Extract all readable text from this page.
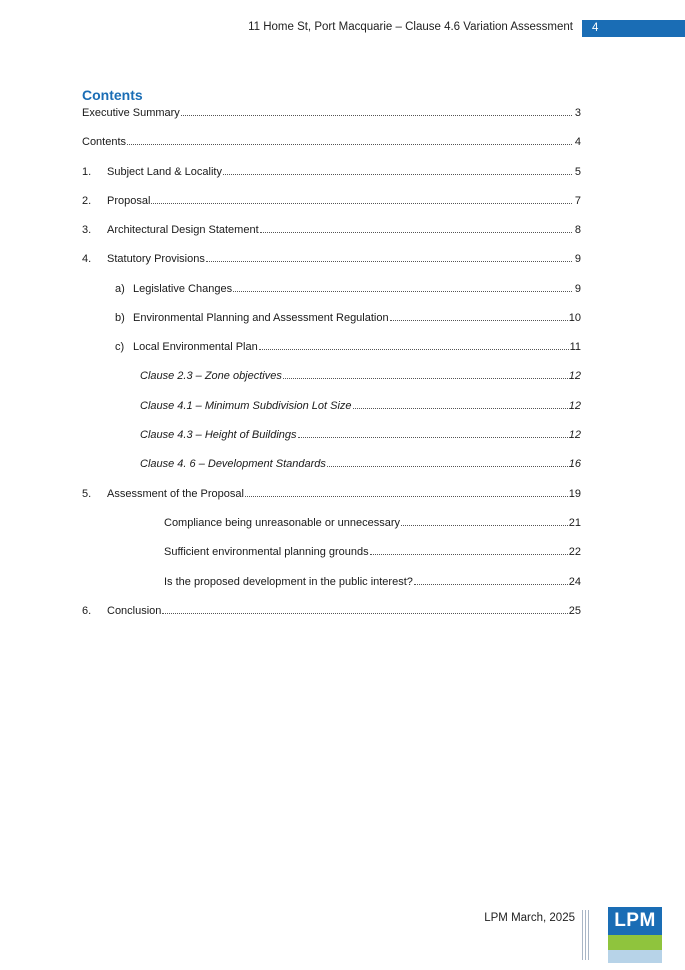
11 Home St, Port Macquarie – Clause 4.6 Variation Assessment	4
Contents
Executive Summary	3
Contents	4
1.	Subject Land & Locality	5
2.	Proposal	7
3.	Architectural Design Statement	8
4.	Statutory Provisions	9
a) Legislative Changes	9
b) Environmental Planning and Assessment Regulation	10
c) Local Environmental Plan	11
Clause 2.3 – Zone objectives	12
Clause 4.1 – Minimum Subdivision Lot Size	12
Clause 4.3 – Height of Buildings	12
Clause 4. 6 – Development Standards	16
5.	Assessment of the Proposal	19
Compliance being unreasonable or unnecessary	21
Sufficient environmental planning grounds	22
Is the proposed development in the public interest?	24
6.	Conclusion	25
LPM March, 2025	LPM
